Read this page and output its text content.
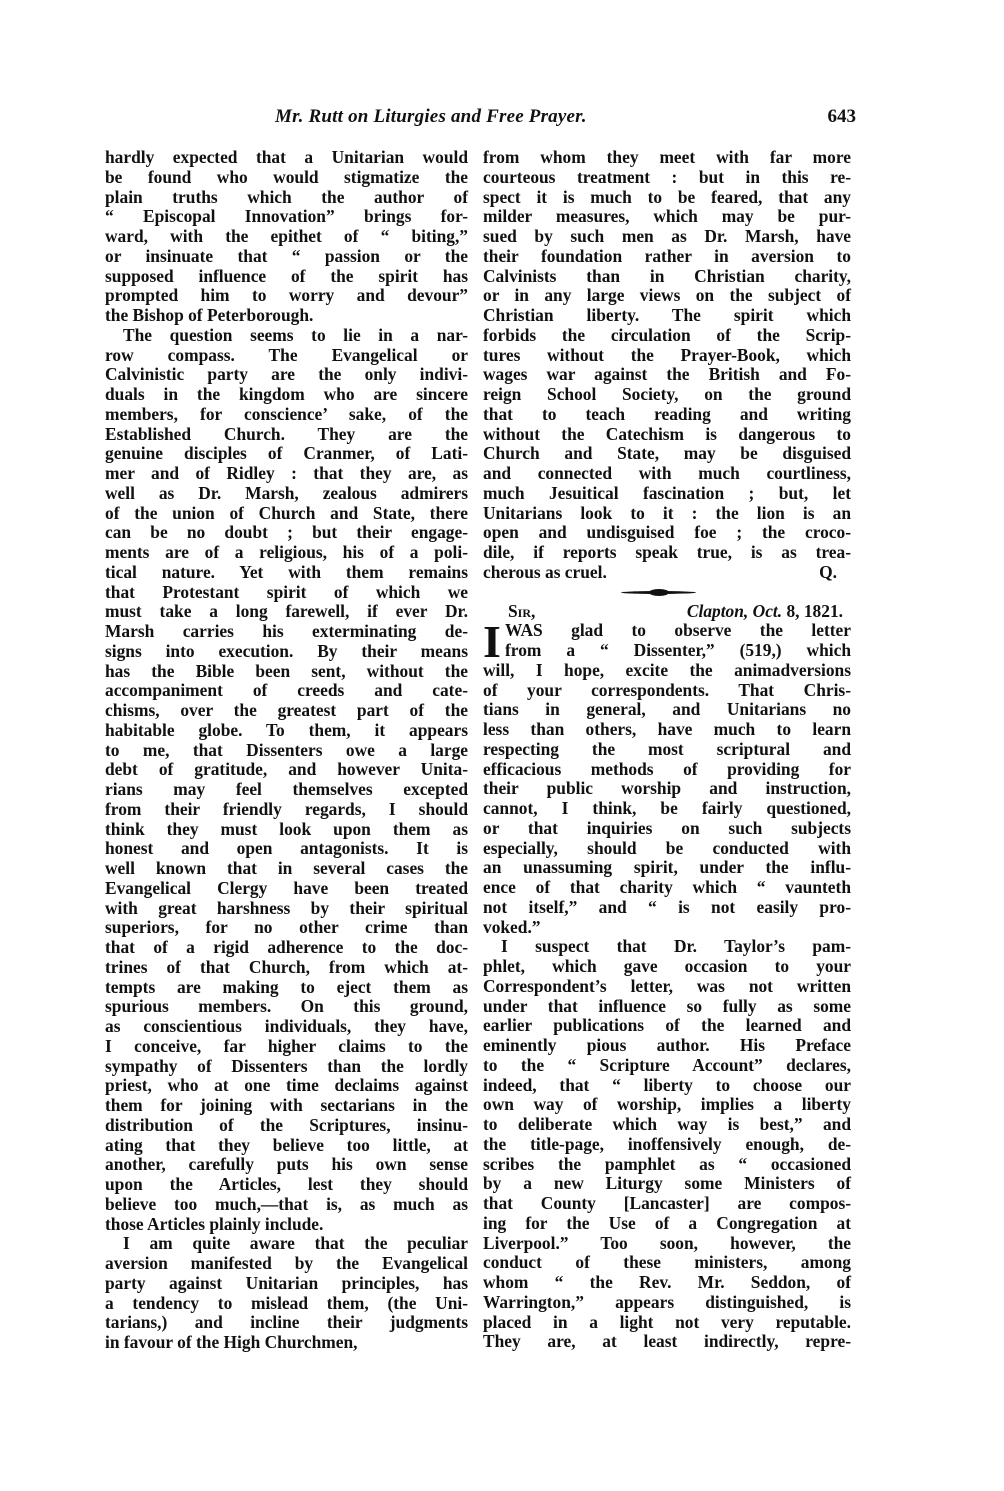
Mr. Rutt on Liturgies and Free Prayer.	643
hardly expected that a Unitarian would
be found who would stigmatize the
plain truths which the author of
“ Episcopal Innovation” brings for-
ward, with the epithet of “ biting,”
or insinuate that “ passion or the
supposed influence of the spirit has
prompted him to worry and devour”
the Bishop of Peterborough.
The question seems to lie in a nar-
row compass. The Evangelical or
Calvinistic party are the only indivi-
duals in the kingdom who are sincere
members, for conscience’ sake, of the
Established Church. They are the
genuine disciples of Cranmer, of Lati-
mer and of Ridley : that they are, as
well as Dr. Marsh, zealous admirers
of the union of Church and State, there
can be no doubt ; but their engage-
ments are of a religious, his of a poli-
tical nature. Yet with them remains
that Protestant spirit of which we
must take a long farewell, if ever Dr.
Marsh carries his exterminating de-
signs into execution. By their means
has the Bible been sent, without the
accompaniment of creeds and cate-
chisms, over the greatest part of the
habitable globe. To them, it appears
to me, that Dissenters owe a large
debt of gratitude, and however Unita-
rians may feel themselves excepted
from their friendly regards, I should
think they must look upon them as
honest and open antagonists. It is
well known that in several cases the
Evangelical Clergy have been treated
with great harshness by their spiritual
superiors, for no other crime than
that of a rigid adherence to the doc-
trines of that Church, from which at-
tempts are making to eject them as
spurious members. On this ground,
as conscientious individuals, they have,
I conceive, far higher claims to the
sympathy of Dissenters than the lordly
priest, who at one time declaims against
them for joining with sectarians in the
distribution of the Scriptures, insinu-
ating that they believe too little, at
another, carefully puts his own sense
upon the Articles, lest they should
believe too much,—that is, as much as
those Articles plainly include.
I am quite aware that the peculiar
aversion manifested by the Evangelical
party against Unitarian principles, has
a tendency to mislead them, (the Uni-
tarians,) and incline their judgments
in favour of the High Churchmen,
from whom they meet with far more
courteous treatment : but in this re-
spect it is much to be feared, that any
milder measures, which may be pur-
sued by such men as Dr. Marsh, have
their foundation rather in aversion to
Calvinists than in Christian charity,
or in any large views on the subject of
Christian liberty. The spirit which
forbids the circulation of the Scrip-
tures without the Prayer-Book, which
wages war against the British and Fo-
reign School Society, on the ground
that to teach reading and writing
without the Catechism is dangerous to
Church and State, may be disguised
and connected with much courtliness,
much Jesuitical fascination ; but, let
Unitarians look to it : the lion is an
open and undisguised foe ; the croco-
dile, if reports speak true, is as trea-
cherous as cruel.	Q.
Sir,	Clapton, Oct. 8, 1821.
I WAS glad to observe the letter
from a “ Dissenter,” (519,) which
will, I hope, excite the animadversions
of your correspondents. That Chris-
tians in general, and Unitarians no
less than others, have much to learn
respecting the most scriptural and
efficacious methods of providing for
their public worship and instruction,
cannot, I think, be fairly questioned,
or that inquiries on such subjects
especially, should be conducted with
an unassuming spirit, under the influ-
ence of that charity which “ vaunteth
not itself,” and “ is not easily pro-
voked.”
I suspect that Dr. Taylor’s pam-
phlet, which gave occasion to your
Correspondent’s letter, was not written
under that influence so fully as some
earlier publications of the learned and
eminently pious author. His Preface
to the “ Scripture Account” declares,
indeed, that “ liberty to choose our
own way of worship, implies a liberty
to deliberate which way is best,” and
the title-page, inoffensively enough, de-
scribes the pamphlet as “ occasioned
by a new Liturgy some Ministers of
that County [Lancaster] are compos-
ing for the Use of a Congregation at
Liverpool.” Too soon, however, the
conduct of these ministers, among
whom “ the Rev. Mr. Seddon, of
Warrington,” appears distinguished, is
placed in a light not very reputable.
They are, at least indirectly, repre-
